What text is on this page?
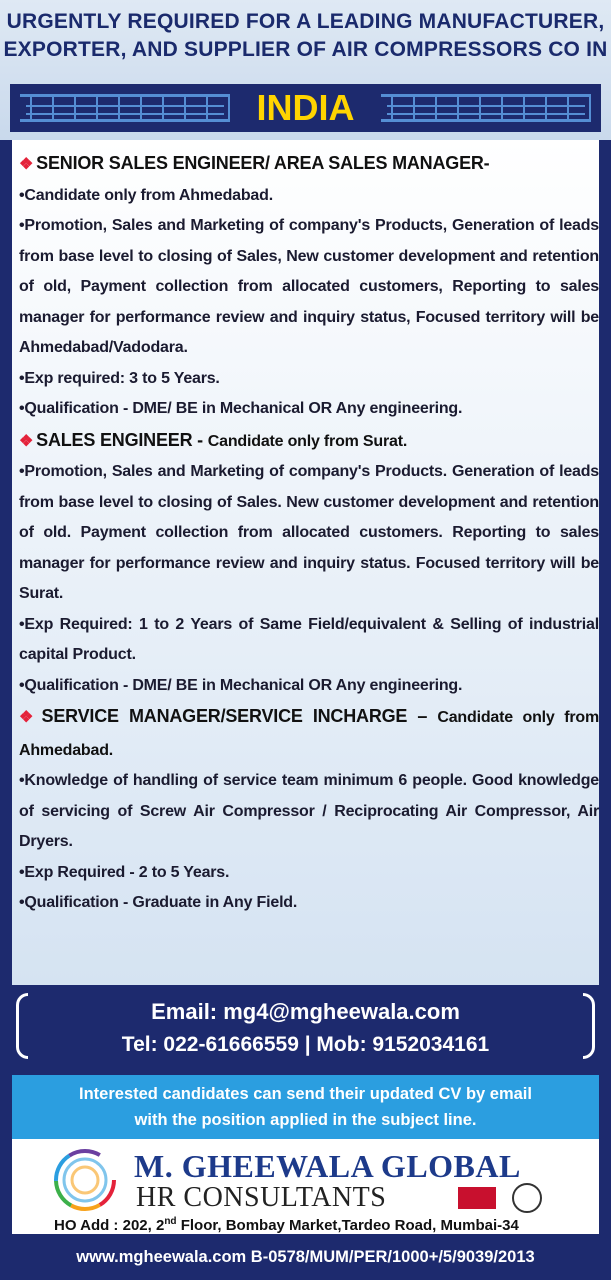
URGENTLY REQUIRED FOR A LEADING MANUFACTURER,
EXPORTER, AND SUPPLIER OF AIR COMPRESSORS CO IN
INDIA

❖ SENIOR SALES ENGINEER/ AREA SALES MANAGER-

•Candidate only from Ahmedabad.

•Promotion, Sales and Marketing of company's Products, Generation of leads from base level to closing of Sales, New customer development and retention of old, Payment collection from allocated customers, Reporting to sales manager for performance review and inquiry status, Focused territory will be Ahmedabad/Vadodara.

•Exp required: 3 to 5 Years.

•Qualification - DME/ BE in Mechanical OR Any engineering.

❖ SALES ENGINEER - Candidate only from Surat.

•Promotion, Sales and Marketing of company's Products. Generation of leads from base level to closing of Sales. New customer development and retention of old. Payment collection from allocated customers. Reporting to sales manager for performance review and inquiry status. Focused territory will be Surat.

•Exp Required: 1 to 2 Years of Same Field/equivalent & Selling of industrial capital Product.

•Qualification - DME/ BE in Mechanical OR Any engineering.

❖ SERVICE MANAGER/SERVICE INCHARGE – Candidate only from Ahmedabad.

•Knowledge of handling of service team minimum 6 people. Good knowledge of servicing of Screw Air Compressor / Reciprocating Air Compressor, Air Dryers.

•Exp Required - 2 to 5 Years.

•Qualification - Graduate in Any Field.

Email: mg4@mgheewala.com
Tel: 022-61666559 | Mob: 9152034161
Interested candidates can send their updated CV by email
with the position applied in the subject line.
M. GHEEWALA GLOBAL
HR CONSULTANTS
HO Add : 202, 2nd Floor, Bombay Market,Tardeo Road, Mumbai-34
www.mgheewala.com B-0578/MUM/PER/1000+/5/9039/2013
